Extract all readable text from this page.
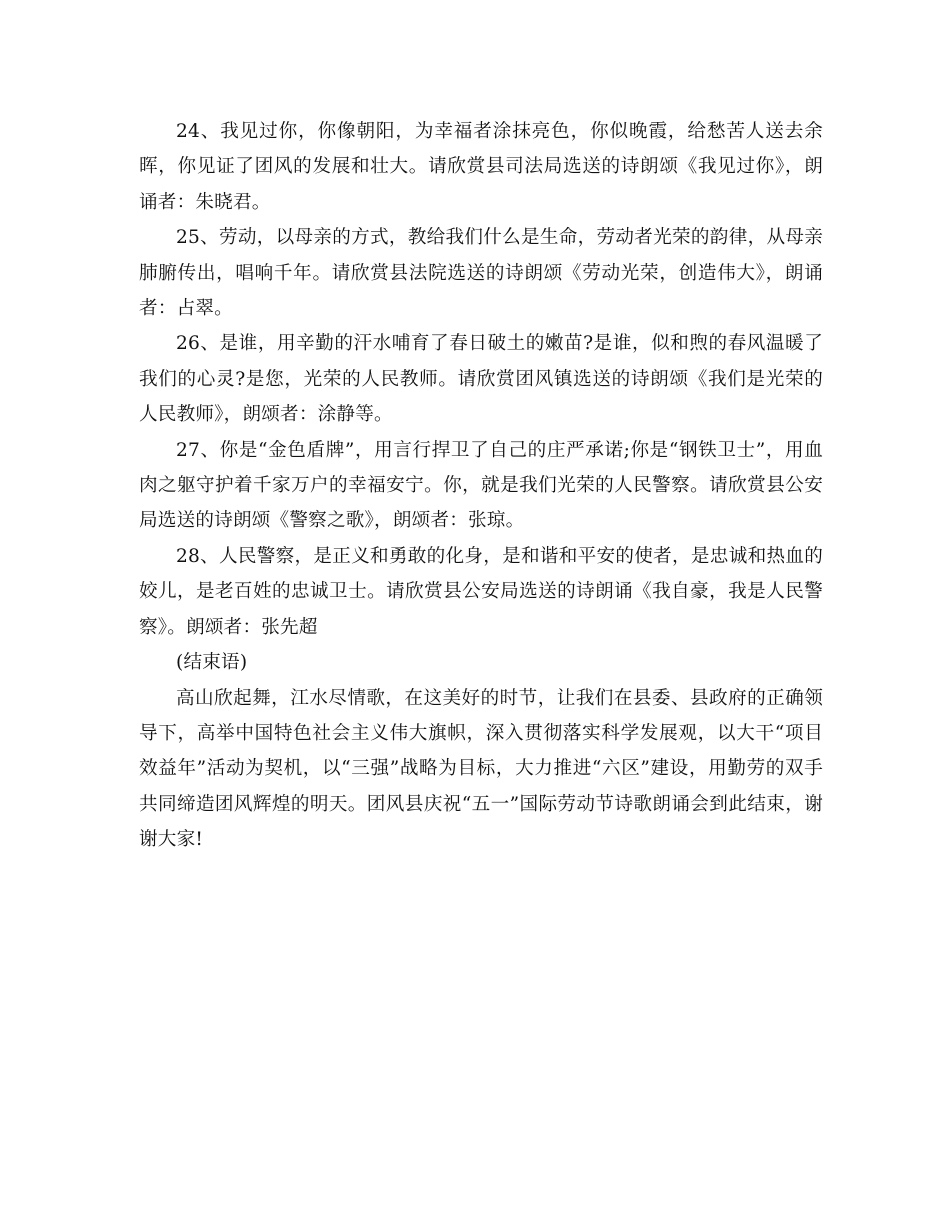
24、我见过你，你像朝阳，为幸福者涂抹亮色，你似晚霞，给愁苦人送去余晖，你见证了团风的发展和壮大。请欣赏县司法局选送的诗朗颂《我见过你》，朗诵者：朱晓君。

25、劳动，以母亲的方式，教给我们什么是生命，劳动者光荣的韵律，从母亲肺腑传出，唱响千年。请欣赏县法院选送的诗朗颂《劳动光荣，创造伟大》，朗诵者：占翠。

26、是谁，用辛勤的汗水哺育了春日破土的嫩苗?是谁，似和煦的春风温暖了我们的心灵?是您，光荣的人民教师。请欣赏团风镇选送的诗朗颂《我们是光荣的人民教师》，朗颂者：涂静等。

27、你是“金色盾牌”，用言行捍卫了自己的庄严承诺;你是“钢铁卫士”，用血肉之躯守护着千家万户的幸福安宁。你，就是我们光荣的人民警察。请欣赏县公安局选送的诗朗颂《警察之歌》，朗颂者：张琼。

28、人民警察，是正义和勇敢的化身，是和谐和平安的使者，是忠诚和热血的姣儿，是老百姓的忠诚卫士。请欣赏县公安局选送的诗朗诵《我自豪，我是人民警察》。朗颂者：张先超

(结束语)

高山欣起舞，江水尽情歌，在这美好的时节，让我们在县委、县政府的正确领导下，高举中国特色社会主义伟大旗帜，深入贯彻落实科学发展观，以大干“项目效益年”活动为契机，以“三强”战略为目标，大力推进“六区”建设，用勤劳的双手共同缔造团风辉煌的明天。团风县庆祝“五一”国际劳动节诗歌朗诵会到此结束，谢谢大家!
